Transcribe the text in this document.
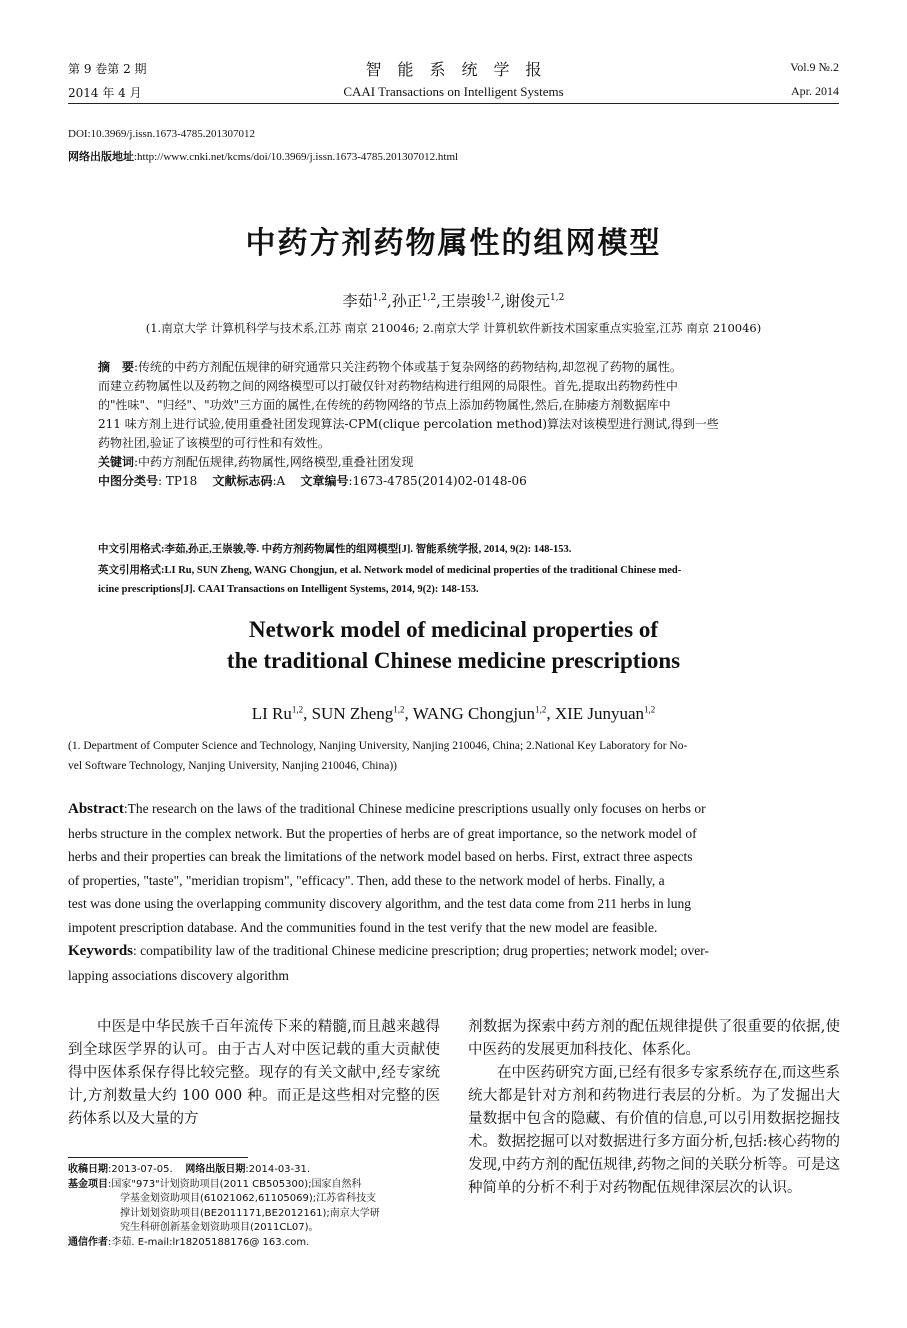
第 9 卷第 2 期	智　能　系　统　学　报	Vol.9 №.2
2014 年 4 月	CAAI Transactions on Intelligent Systems	Apr. 2014
DOI:10.3969/j.issn.1673-4785.201307012
网络出版地址:http://www.cnki.net/kcms/doi/10.3969/j.issn.1673-4785.201307012.html
中药方剂药物属性的组网模型
李茹$^{1,2}$,孙正$^{1,2}$,王崇骏$^{1,2}$,谢俊元$^{1,2}$
(1.南京大学 计算机科学与技术系,江苏 南京 210046; 2.南京大学 计算机软件新技术国家重点实验室,江苏 南京 210046)
摘　要:传统的中药方剂配伍规律的研究通常只关注药物个体或基于复杂网络的药物结构,却忽视了药物的属性。
而建立药物属性以及药物之间的网络模型可以打破仅针对药物结构进行组网的局限性。首先,提取出药物药性中
的"性味"、"归经"、"功效"三方面的属性,在传统的药物网络的节点上添加药物属性,然后,在肺痿方剂数据库中
211 味方剂上进行试验,使用重叠社团发现算法-CPM(clique percolation method)算法对该模型进行测试,得到一些
药物社团,验证了该模型的可行性和有效性。
关键词:中药方剂配伍规律,药物属性,网络模型,重叠社团发现
中图分类号: TP18 文献标志码:A 文章编号:1673-4785(2014)02-0148-06
中文引用格式:李茹,孙正,王崇骏,等. 中药方剂药物属性的组网模型[J]. 智能系统学报, 2014, 9(2): 148-153.
英文引用格式:LI Ru, SUN Zheng, WANG Chongjun, et al. Network model of medicinal properties of the traditional Chinese med-
icine prescriptions[J]. CAAI Transactions on Intelligent Systems, 2014, 9(2): 148-153.
Network model of medicinal properties of
the traditional Chinese medicine prescriptions
LI Ru$^{1,2}$, SUN Zheng$^{1,2}$, WANG Chongjun$^{1,2}$, XIE Junyuan$^{1,2}$
(1. Department of Computer Science and Technology, Nanjing University, Nanjing 210046, China; 2.National Key Laboratory for No-
vel Software Technology, Nanjing University, Nanjing 210046, China))
Abstract:The research on the laws of the traditional Chinese medicine prescriptions usually only focuses on herbs or
herbs structure in the complex network. But the properties of herbs are of great importance, so the network model of
herbs and their properties can break the limitations of the network model based on herbs. First, extract three aspects
of properties, "taste", "meridian tropism", "efficacy". Then, add these to the network model of herbs. Finally, a
test was done using the overlapping community discovery algorithm, and the test data come from 211 herbs in lung
impotent prescription database. And the communities found in the test verify that the new model are feasible.
Keywords: compatibility law of the traditional Chinese medicine prescription; drug properties; network model; over-
lapping associations discovery algorithm

中医是中华民族千百年流传下来的精髓,而且越来越得到全球医学界的认可。由于古人对中医记载的重大贡献使得中医体系保存得比较完整。现存的有关文献中,经专家统计,方剂数量大约 100 000 种。而正是这些相对完整的医药体系以及大量的方

剂数据为探索中药方剂的配伍规律提供了很重要的依据,使中医药的发展更加科技化、体系化。

在中医药研究方面,已经有很多专家系统存在,而这些系统大都是针对方剂和药物进行表层的分析。为了发掘出大量数据中包含的隐藏、有价值的信息,可以引用数据挖掘技术。数据挖掘可以对数据进行多方面分析,包括:核心药物的发现,中药方剂的配伍规律,药物之间的关联分析等。可是这种简单的分析不利于对药物配伍规律深层次的认识。

收稿日期:2013-07-05. 网络出版日期:2014-03-31.
基金项目:国家"973"计划资助项目(2011 CB505300);国家自然科
学基金划资助项目(61021062,61105069);江苏省科技支
撑计划划资助项目(BE2011171,BE2012161);南京大学研
究生科研创新基金划资助项目(2011CL07)。
通信作者:李茹. E-mail:lr18205188176@ 163.com.
